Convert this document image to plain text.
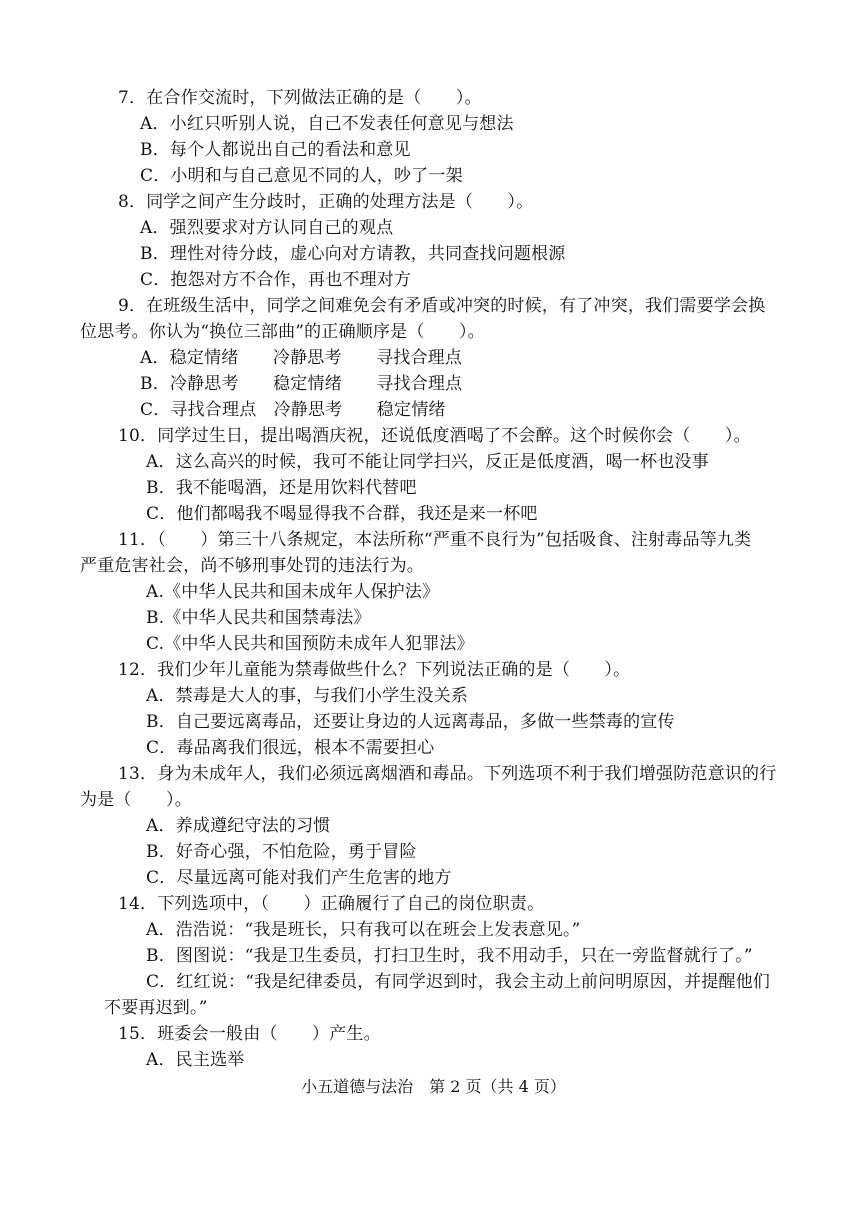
7．在合作交流时，下列做法正确的是（　　）。
A．小红只听别人说，自己不发表任何意见与想法
B．每个人都说出自己的看法和意见
C．小明和与自己意见不同的人，吵了一架
8．同学之间产生分歧时，正确的处理方法是（　　）。
A．强烈要求对方认同自己的观点
B．理性对待分歧，虚心向对方请教，共同查找问题根源
C．抱怨对方不合作，再也不理对方
9．在班级生活中，同学之间难免会有矛盾或冲突的时候，有了冲突，我们需要学会换
位思考。你认为“换位三部曲”的正确顺序是（　　）。
A．稳定情绪　　冷静思考　　寻找合理点
B．冷静思考　　稳定情绪　　寻找合理点
C．寻找合理点　冷静思考　　稳定情绪
10．同学过生日，提出喝酒庆祝，还说低度酒喝了不会醉。这个时候你会（　　）。
A．这么高兴的时候，我可不能让同学扫兴，反正是低度酒，喝一杯也没事
B．我不能喝酒，还是用饮料代替吧
C．他们都喝我不喝显得我不合群，我还是来一杯吧
11．（　　）第三十八条规定，本法所称“严重不良行为”包括吸食、注射毒品等九类
严重危害社会，尚不够刑事处罚的违法行为。
A.《中华人民共和国未成年人保护法》
B.《中华人民共和国禁毒法》
C.《中华人民共和国预防未成年人犯罪法》
12．我们少年儿童能为禁毒做些什么？下列说法正确的是（　　）。
A．禁毒是大人的事，与我们小学生没关系
B．自己要远离毒品，还要让身边的人远离毒品，多做一些禁毒的宣传
C．毒品离我们很远，根本不需要担心
13．身为未成年人，我们必须远离烟酒和毒品。下列选项不利于我们增强防范意识的行
为是（　　）。
A．养成遵纪守法的习惯
B．好奇心强，不怕危险，勇于冒险
C．尽量远离可能对我们产生危害的地方
14．下列选项中，（　　）正确履行了自己的岗位职责。
A．浩浩说：“我是班长，只有我可以在班会上发表意见。”
B．图图说：“我是卫生委员，打扫卫生时，我不用动手，只在一旁监督就行了。”
C．红红说：“我是纪律委员，有同学迟到时，我会主动上前问明原因，并提醒他们
不要再迟到。”
15．班委会一般由（　　）产生。
A．民主选举
小五道德与法治　第 2 页（共 4 页）
